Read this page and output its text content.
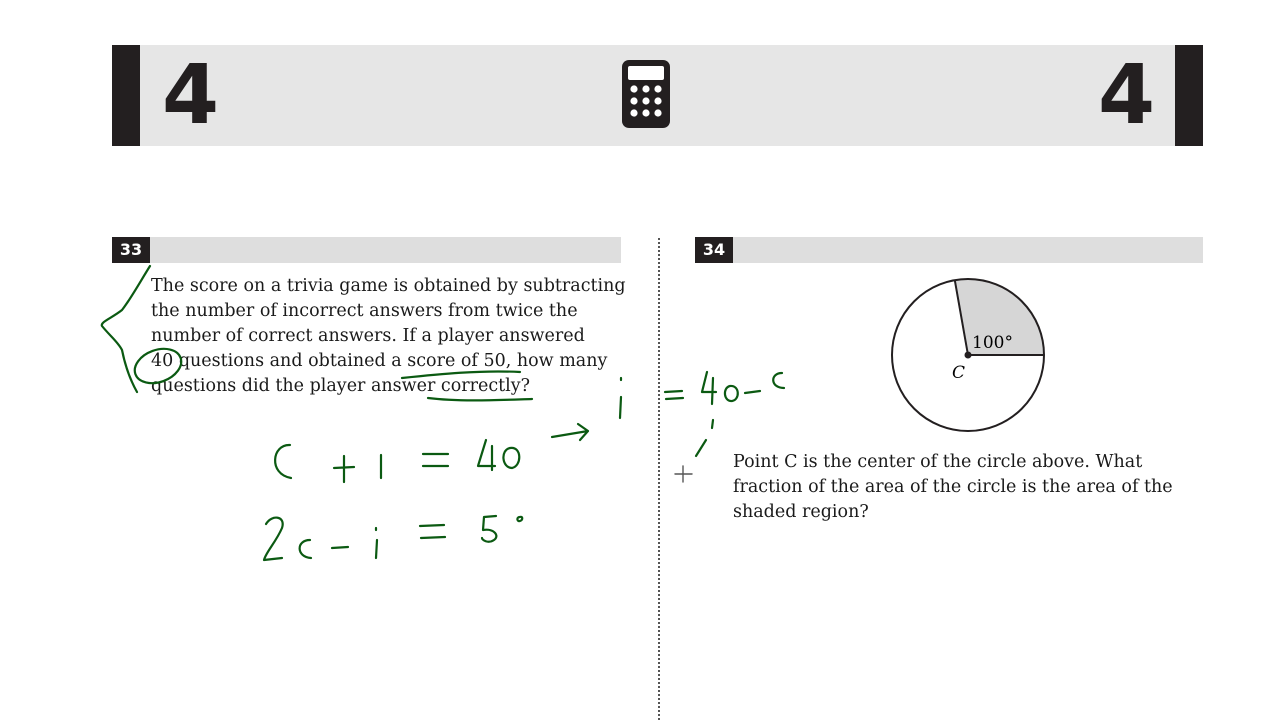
4	4
33	34
The score on a trivia game is obtained by subtracting
the number of incorrect answers from twice the
number of correct answers. If a player answered
40 questions and obtained a score of 50, how many
questions did the player answer correctly?
100°
C
Point C is the center of the circle above. What
fraction of the area of the circle is the area of the
shaded region?
